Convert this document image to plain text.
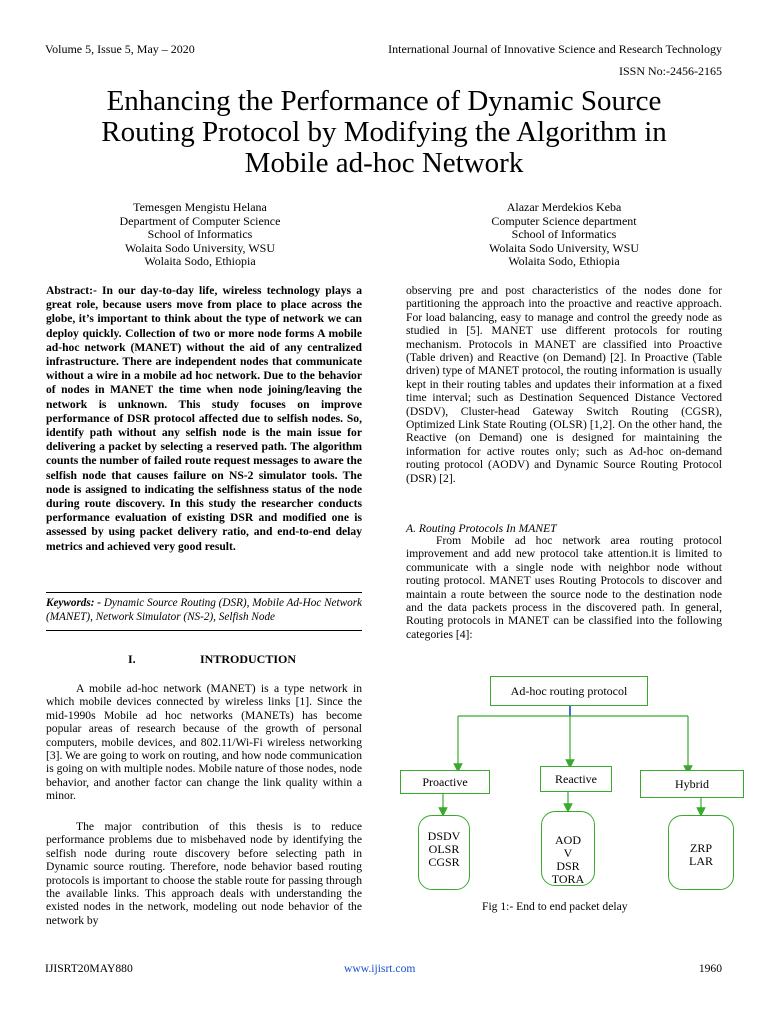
Volume 5, Issue 5, May – 2020	International Journal of Innovative Science and Research Technology
ISSN No:-2456-2165
Enhancing the Performance of Dynamic Source Routing Protocol by Modifying the Algorithm in Mobile ad-hoc Network
Temesgen Mengistu Helana
Department of Computer Science
School of Informatics
Wolaita Sodo University, WSU
Wolaita Sodo, Ethiopia
Alazar Merdekios Keba
Computer Science department
School of Informatics
Wolaita Sodo University, WSU
Wolaita Sodo, Ethiopia
Abstract:- In our day-to-day life, wireless technology plays a great role, because users move from place to place across the globe, it’s important to think about the type of network we can deploy quickly. Collection of two or more node forms A mobile ad-hoc network (MANET) without the aid of any centralized infrastructure. There are independent nodes that communicate without a wire in a mobile ad hoc network. Due to the behavior of nodes in MANET the time when node joining/leaving the network is unknown. This study focuses on improve performance of DSR protocol affected due to selfish nodes. So, identify path without any selfish node is the main issue for delivering a packet by selecting a reserved path. The algorithm counts the number of failed route request messages to aware the selfish node that causes failure on NS-2 simulator tools. The node is assigned to indicating the selfishness status of the node during route discovery. In this study the researcher conducts performance evaluation of existing DSR and modified one is assessed by using packet delivery ratio, and end-to-end delay metrics and achieved very good result.
Keywords: - Dynamic Source Routing (DSR), Mobile Ad-Hoc Network (MANET), Network Simulator (NS-2), Selfish Node
I.	INTRODUCTION

A mobile ad-hoc network (MANET) is a type network in which mobile devices connected by wireless links [1]. Since the mid-1990s Mobile ad hoc networks (MANETs) has become popular areas of research because of the growth of personal computers, mobile devices, and 802.11/Wi-Fi wireless networking [3]. We are going to work on routing, and how node communication is going on with multiple nodes. Mobile nature of those nodes, node behavior, and another factor can change the link quality within a minor.

The major contribution of this thesis is to reduce performance problems due to misbehaved node by identifying the selfish node during route discovery before selecting path in Dynamic source routing. Therefore, node behavior based routing protocols is important to choose the stable route for passing through the available links. This approach deals with understanding the existed nodes in the network, modeling out node behavior of the network by

observing pre and post characteristics of the nodes done for partitioning the approach into the proactive and reactive approach. For load balancing, easy to manage and control the greedy node as studied in [5]. MANET use different protocols for routing mechanism. Protocols in MANET are classified into Proactive (Table driven) and Reactive (on Demand) [2]. In Proactive (Table driven) type of MANET protocol, the routing information is usually kept in their routing tables and updates their information at a fixed time interval; such as Destination Sequenced Distance Vectored (DSDV), Cluster-head Gateway Switch Routing (CGSR), Optimized Link State Routing (OLSR) [1,2]. On the other hand, the Reactive (on Demand) one is designed for maintaining the information for active routes only; such as Ad-hoc on-demand routing protocol (AODV) and Dynamic Source Routing Protocol (DSR) [2].

A. Routing Protocols In MANET

From Mobile ad hoc network area routing protocol improvement and add new protocol take attention.it is limited to communicate with a single node with neighbor node without routing protocol. MANET uses Routing Protocols to discover and maintain a route between the source node to the destination node and the data packets process in the discovered path. In general, Routing protocols in MANET can be classified into the following categories [4]:

Ad-hoc routing protocol
Proactive	Reactive	Hybrid
DSDV
OLSR
CGSR
AOD
V
DSR
TORA
ZRP
LAR
Fig 1:- End to end packet delay
IJISRT20MAY880	www.ijisrt.com	1960
